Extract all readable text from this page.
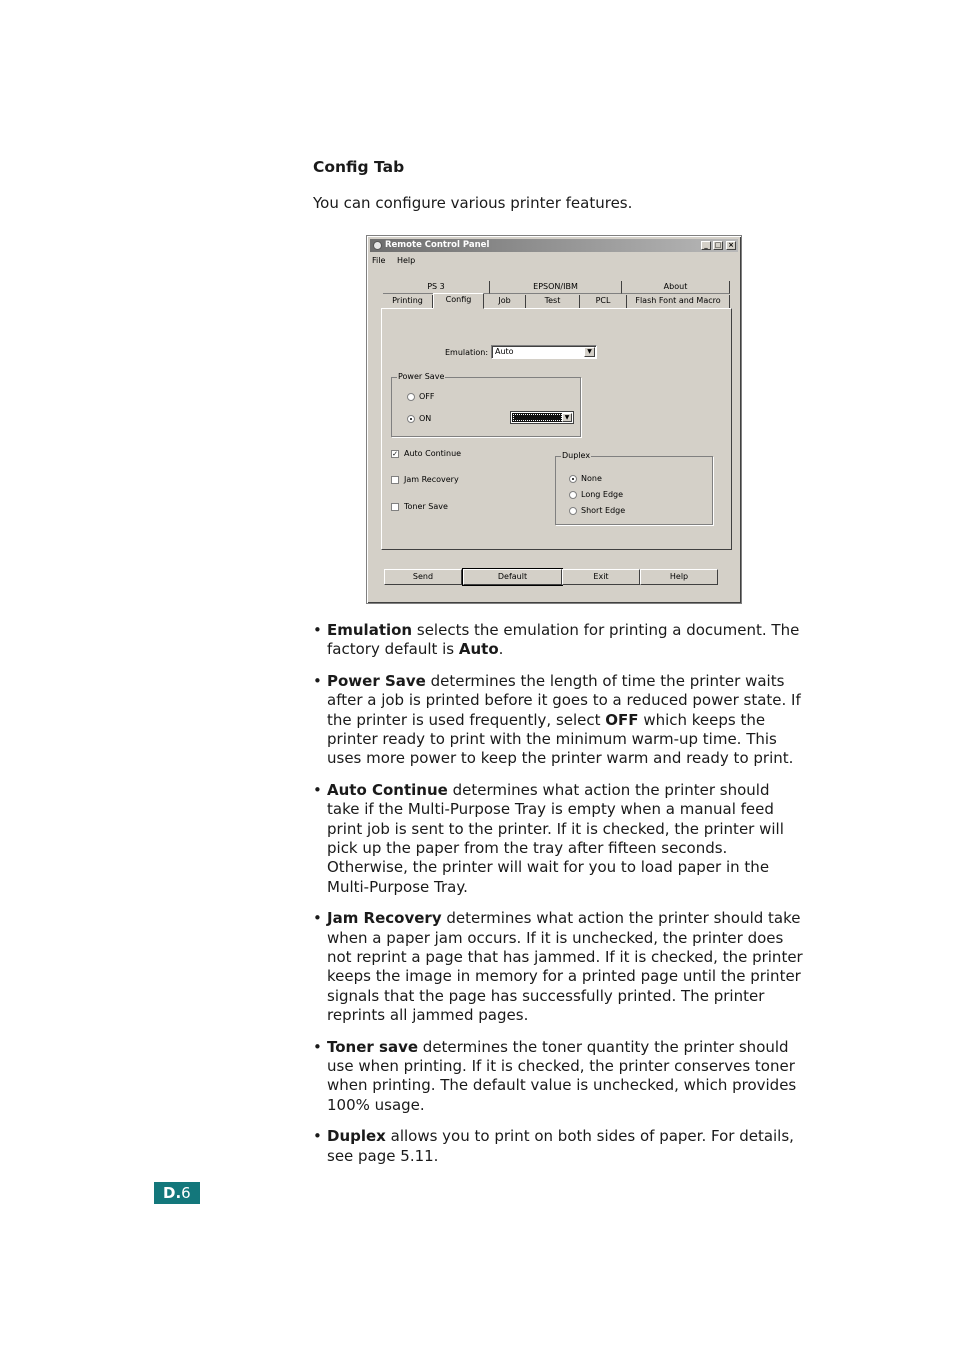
Config Tab
You can configure various printer features.
Remote Control Panel	_ □ ×
File Help
PS 3	EPSON/IBM	About
Printing	Config	Job	Test	PCL	Flash Font and Macro
Emulation: Auto	▼
Power Save
OFF
ON	▼
✓ Auto Continue
Jam Recovery
Toner Save
Duplex
None
Long Edge
Short Edge
Send	Default	Exit	Help
• Emulation selects the emulation for printing a document. The factory default is Auto.
• Power Save determines the length of time the printer waits after a job is printed before it goes to a reduced power state. If the printer is used frequently, select OFF which keeps the printer ready to print with the minimum warm-up time. This uses more power to keep the printer warm and ready to print.
• Auto Continue determines what action the printer should take if the Multi-Purpose Tray is empty when a manual feed print job is sent to the printer. If it is checked, the printer will pick up the paper from the tray after fifteen seconds. Otherwise, the printer will wait for you to load paper in the Multi-Purpose Tray.
• Jam Recovery determines what action the printer should take when a paper jam occurs. If it is unchecked, the printer does not reprint a page that has jammed. If it is checked, the printer keeps the image in memory for a printed page until the printer signals that the page has successfully printed. The printer reprints all jammed pages.
• Toner save determines the toner quantity the printer should use when printing. If it is checked, the printer conserves toner when printing. The default value is unchecked, which provides 100% usage.
• Duplex allows you to print on both sides of paper. For details, see page 5.11.
D.6
